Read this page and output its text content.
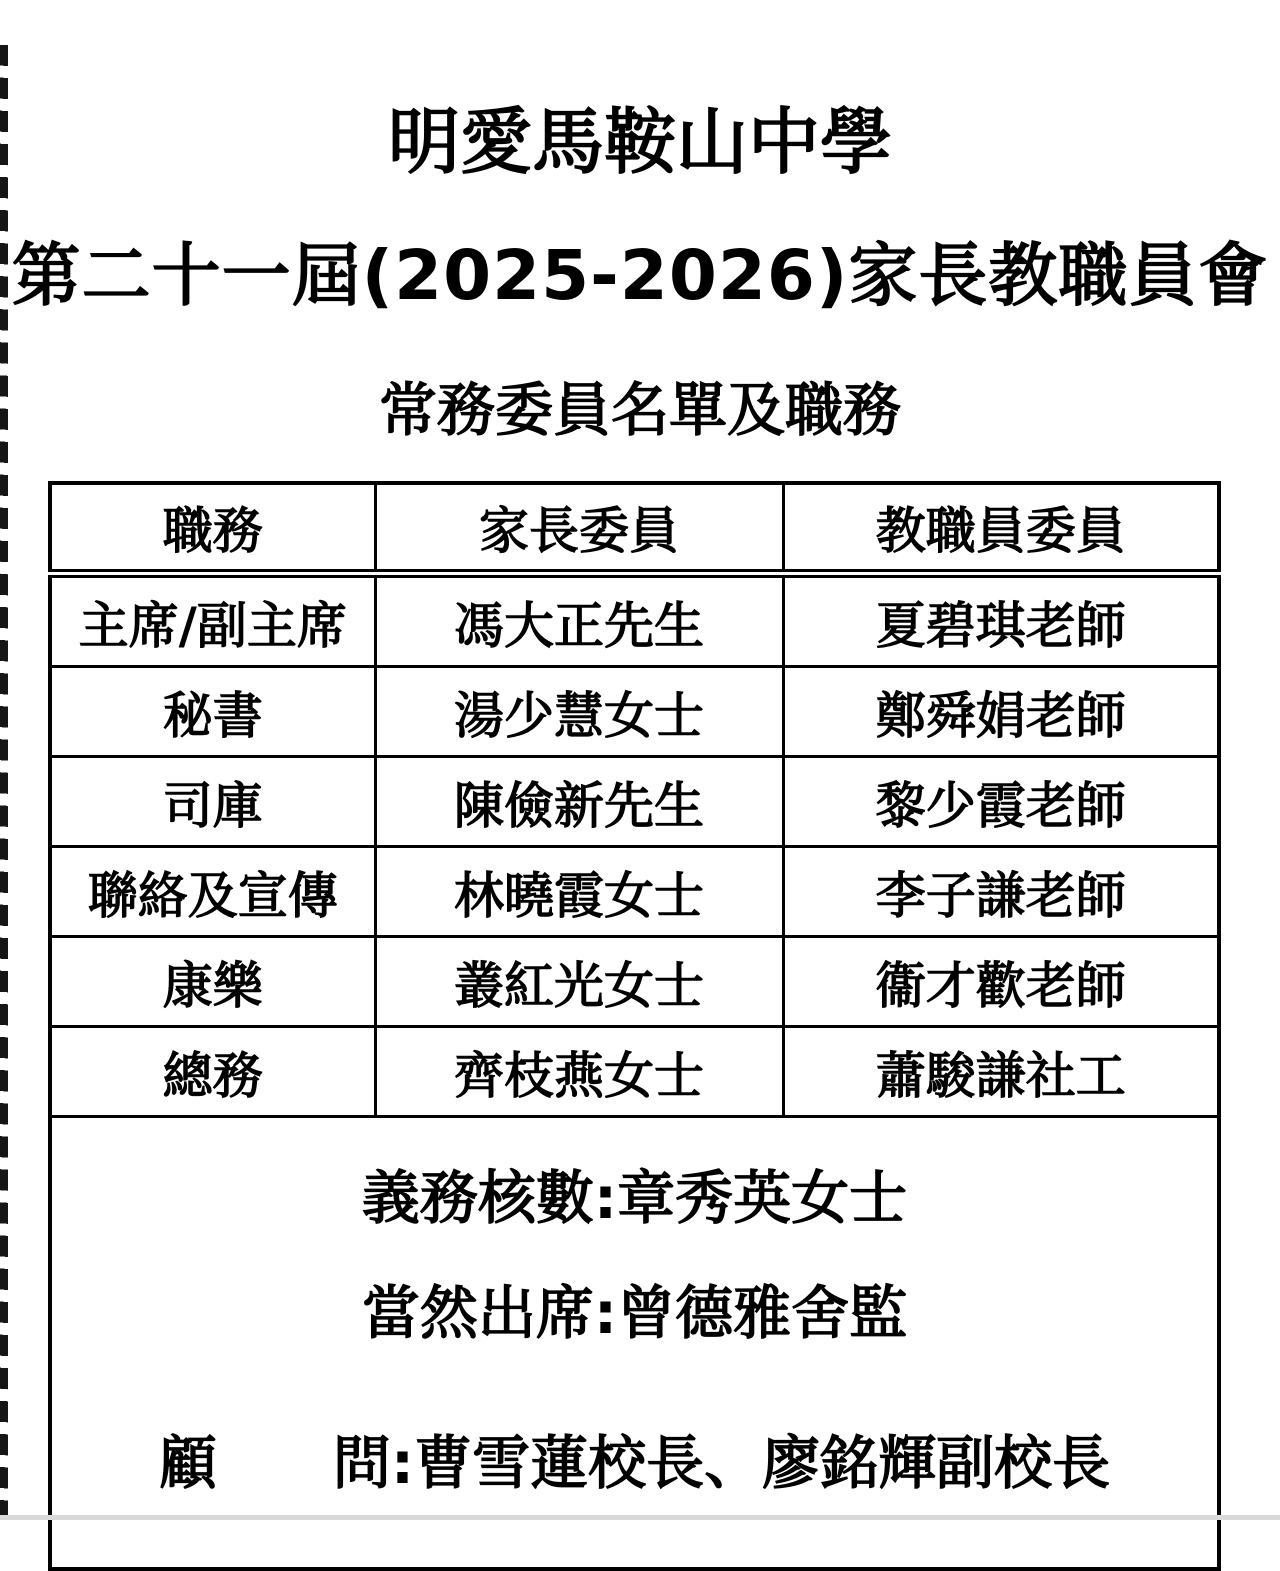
明愛馬鞍山中學
第二十一屆(2025-2026)家長教職員會
常務委員名單及職務
職務	家長委員	教職員委員
主席/副主席	馮大正先生	夏碧琪老師
秘書	湯少慧女士	鄭舜娟老師
司庫	陳儉新先生	黎少霞老師
聯絡及宣傳	林曉霞女士	李子謙老師
康樂	叢紅光女士	衞才歡老師
總務	齊枝燕女士	蕭駿謙社工

義務核數:章秀英女士
當然出席:曾德雅舍監
顧　　問:曹雪蓮校長、廖銘輝副校長		
